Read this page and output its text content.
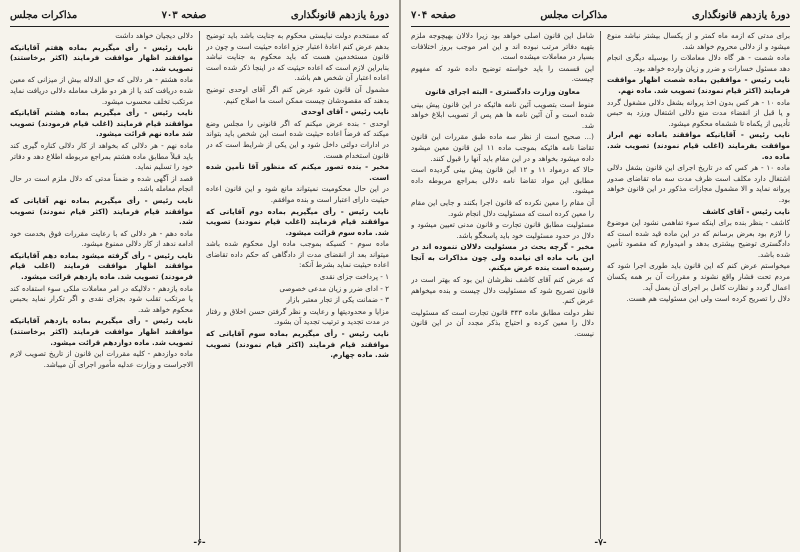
دورهٔ یازدهم قانونگذاری
صفحه ۷۰۳
مذاکرات مجلس

که مستخدم دولت نبایستی محکوم به جنایت باشد باید توضیح بدهم عرض کنم اعادهٔ اعتبار جزو اعاده حیثیت است و چون در قانون مستخدمین هست که باید محکوم به جنایت نباشد بنابراین لازم است که اعاده حیثیت که در اینجا ذکر شده است اعاده اعتبار آن شخص هم باشد.

مشمول آن قانون شود عرض کنم اگر آقای اوحدی توضیح بدهند که مقصودشان چیست ممکن است ما اصلاح کنیم.

نایب رئیس - آقای اوحدی

اوحدی - بنده عرض میکنم که اگر قانونی را مجلس وضع میکند که فرضاً اعاده حیثیت شده است این شخص باید بتواند در ادارات دولتی داخل شود و این یکی از شرایط است که در قانون استخدام هست.

مخبر - بنده تصور میکنم که منظور آقا تأمین شده است.

در این حال محکومیت نمیتواند مانع شود و این قانون اعاده حیثیت دارای اعتبار است و بنده موافقم.

نایب رئیس - رأی میگیریم بماده دوم آقایانی که موافقند قیام فرمایند (اغلب قیام نمودند) تصویب شد. ماده سوم قرائت میشود.

ماده سوم - کسیکه بموجب ماده اول محکوم شده باشد میتواند بعد از انقضای مدت از دادگاهی که حکم داده تقاضای اعاده حیثیت نماید بشرط آنکه:

۱ - پرداخت جزای نقدی

۲ - ادای ضرر و زیان مدعی خصوصی

۳ - ضمانت یکی از تجار معتبر بازار

مزایا و محدودیتها و رعایت و نظر گرفتن حسن اخلاق و رفتار در مدت تجدید و ترتیب تجدید آن بشود.

نایب رئیس - رأی میگیریم بماده سوم آقایانی که موافقند قیام فرمایند (اکثر قیام نمودند) تصویب شد. ماده چهارم.

دلالی دیجیان خواهد داشت

نایب رئیس - رأی میگیریم بماده هفتم آقایانیکه موافقند اظهار موافقت فرمایند (اکثر برخاستند) تصویب شد.

ماده هشتم - هر دلالی که حق الدلاله بیش از میزانی که معین شده دریافت کند یا از هر دو طرف معامله دلالی دریافت نماید مرتکب تخلف محسوب میشود.

نایب رئیس - رأی میگیریم بماده هشتم آقایانیکه موافقند قیام فرمایند (اغلب قیام فرمودند) تصویب شد ماده نهم قرائت میشود.

ماده نهم - هر دلالی که بخواهد از کار دلالی کناره گیری کند باید قبلاً مطابق ماده هشتم بمراجع مربوطه اطلاع دهد و دفاتر خود را تسلیم نماید.

قصد از آگهی شده و ضمناً مدتی که دلال ملزم است در حال انجام معامله باشد.

نایب رئیس - رأی میگیریم بماده نهم آقایانی که موافقند قیام فرمایند (اکثر قیام نمودند) تصویب شد.

ماده دهم - هر دلالی که با رعایت مقررات فوق بخدمت خود ادامه ندهد از کار دلالی ممنوع میشود.

نایب رئیس - رأی گرفته میشود بماده دهم آقایانیکه موافقند اظهار موافقت فرمایند (اغلب قیام فرمودند) تصویب شد. ماده یازدهم قرائت میشود.

ماده یازدهم - دلالیکه در امر معاملات ملکی سوء استفاده کند یا مرتکب تقلب شود بجزای نقدی و اگر تکرار نماید بحبس محکوم خواهد شد.

نایب رئیس - رأی میگیریم بماده یازدهم آقایانیکه موافقند اظهار موافقت فرمایند (اکثر برخاستند) تصویب شد. ماده دوازدهم قرائت میشود.

ماده دوازدهم - کلیه مقررات این قانون از تاریخ تصویب لازم الاجراست و وزارت عدلیه مأمور اجرای آن میباشد.

-۶-
دورهٔ یازدهم قانونگذاری
مذاکرات مجلس
صفحه ۷۰۴

برای مدتی که ازمه ماه کمتر و از یکسال بیشتر نباشد منوع میشود و از دلالی محروم خواهد شد.

ماده شصت - هر گاه دلال معاملات را بوسیله دیگری انجام دهد مسئول خسارات و ضرر و زیان وارده خواهد بود.

نایب رئیس - موافقین بماده شصت اظهار موافقت فرمایند (اکثر قیام نمودند) تصویب شد. ماده نهم.

ماده ۱۰ - هر کس بدون اخذ پروانه بشغل دلالی مشغول گردد و یا قبل از انقضاء مدت منع دلالی اشتغال ورزد به حبس تأدیبی از یکماه تا ششماه محکوم میشود.

نایب رئیس - آقایانیکه موافقند باماده نهم ابراز موافقت بفرمایند (اغلب قیام نمودند) تصویب شد. ماده ده.

ماده ۱۰ - هر کس که در تاریخ اجرای این قانون بشغل دلالی اشتغال دارد مکلف است ظرف مدت سه ماه تقاضای صدور پروانه نماید و الا مشمول مجازات مذکور در این قانون خواهد بود.

نایب رئیس - آقای کاشف

کاشف - بنظر بنده برای اینکه سوء تفاهمی نشود این موضوع را لازم بود بعرض برسانم که در این ماده قید شده است که دادگستری توضیح بیشتری بدهد و امیدوارم که مقصود تأمین شده باشد.

میخواستم عرض کنم که این قانون باید طوری اجرا شود که مردم تحت فشار واقع نشوند و مقررات آن بر همه یکسان اعمال گردد و نظارت کامل بر اجرای آن بعمل آید.

دلال را تصریح کرده است ولی این مسئولیت هم هست.

شامل این قانون اصلی خواهد بود زیرا دلالان بهیچوجه ملزم بتهیه دفاتر مرتب نبوده اند و این امر موجب بروز اختلافات بسیار در معاملات میشده است.

این قسمت را باید خواسته توضیح داده شود که مفهوم چیست.

معاون وزارت دادگستری - البته اجرای قانون

منوط است بتصویب آئین نامه هائیکه در این قانون پیش بینی شده است و آن آئین نامه ها هم پس از تصویب ابلاغ خواهد شد.

(... صحیح است از نظر سه ماده طبق مقررات این قانون تقاضا نامه هائیکه بموجب ماده ۱۱ این قانون معین میشود داده میشود بخواهد و در این مقام باید آنها را قبول کنند.

حالا که درمواد ۱۱ و ۱۲ این قانون پیش بینی گردیده است مطابق این مواد تقاضا نامه دلالی بمراجع مربوطه داده میشود.

آن مقام را معین نکرده که قانون اجرا بکنند و جایی این مقام را معین کرده است که مسئولیت دلال انجام شود.

مسئولیت مطابق قانون تجارت و قانون مدنی تعیین میشود و دلال در حدود مسئولیت خود باید پاسخگو باشد.

مخبر - گرچه بحث در مسئولیت دلالان ننموده اند در این باب ماده ای نیامده ولی چون مذاکرات به آنجا رسیده است بنده عرض میکنم.

که عرض کنم آقای کاشف نظرشان این بود که بهتر است در قانون تصریح شود که مسئولیت دلال چیست و بنده میخواهم عرض کنم.

نظر دولت مطابق ماده ۳۴۳ قانون تجارت است که مسئولیت دلال را معین کرده و احتیاج بذکر مجدد آن در این قانون نیست.

-۷-
